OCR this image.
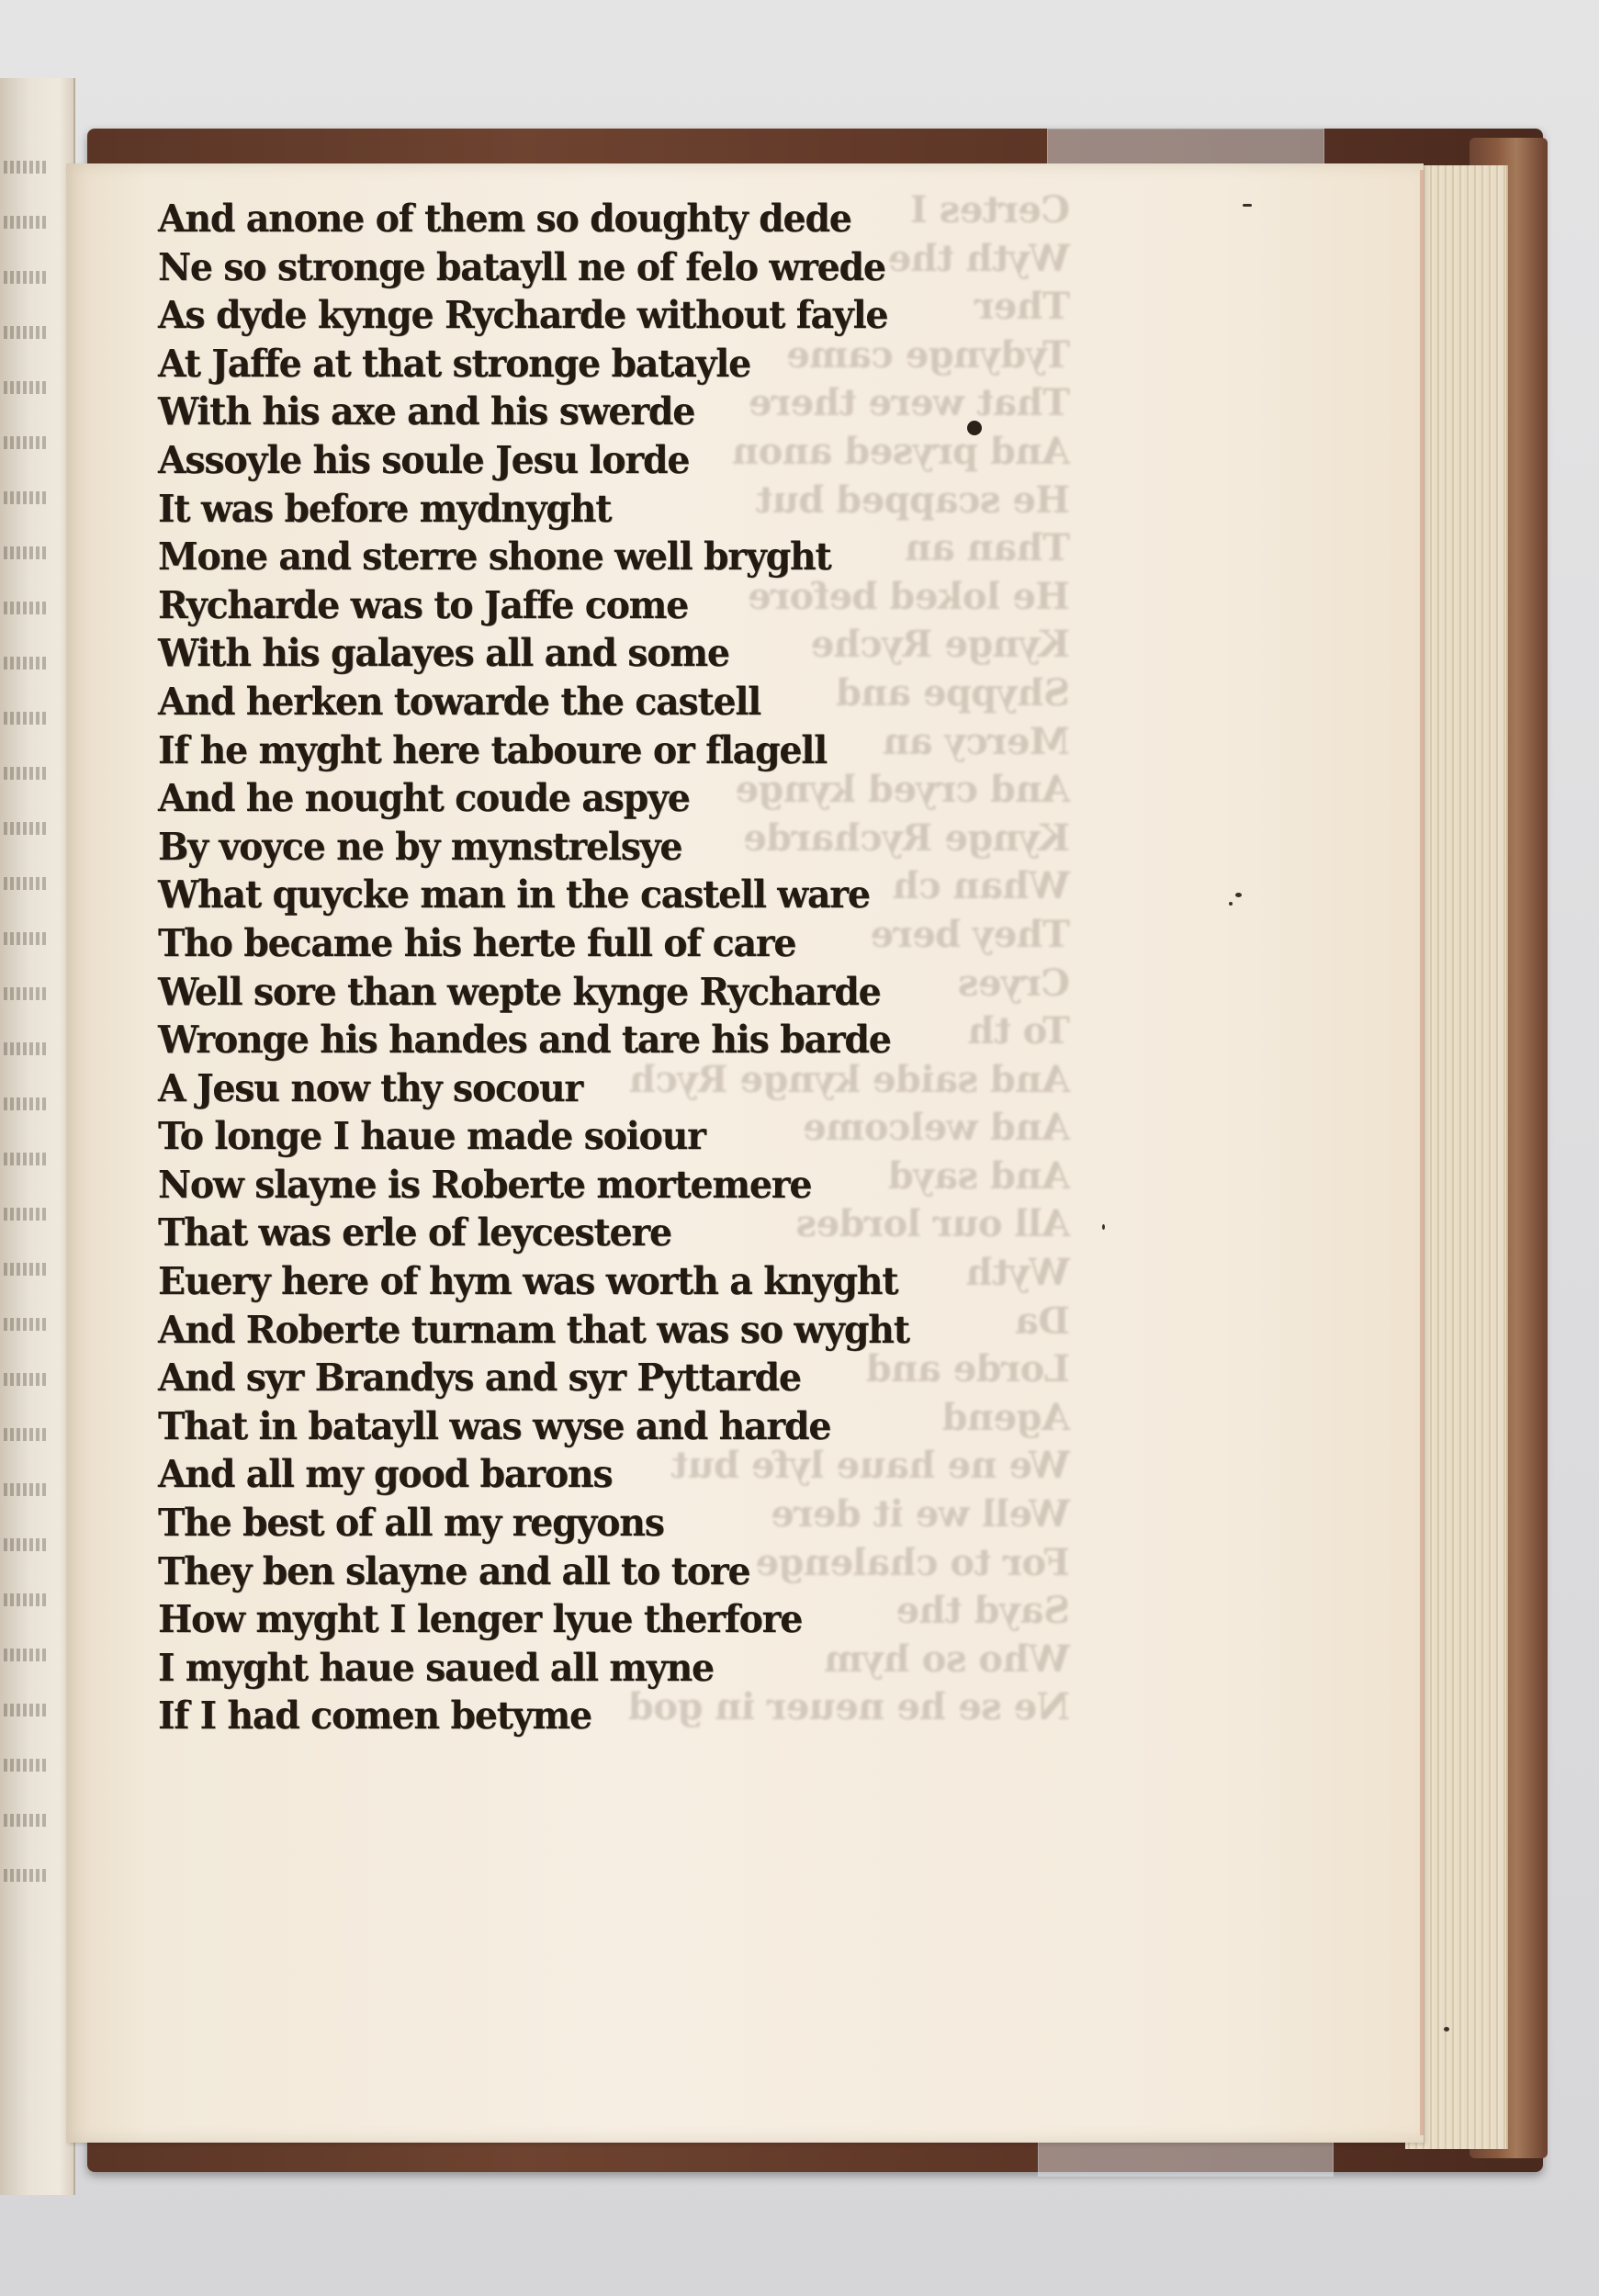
And anone of them so doughty dede
Ne so stronge batayll ne of felo wrede
As dyde kynge Rycharde without fayle
At Jaffe at that stronge batayle
With his axe and his swerde
Assoyle his soule Jesu lorde
It was before mydnyght
Mone and sterre shone well bryght
Rycharde was to Jaffe come
With his galayes all and some
And herken towarde the castell
If he myght here taboure or flagell
And he nought coude aspye
By voyce ne by mynstrelsye
What quycke man in the castell ware
Tho became his herte full of care
Well sore than wepte kynge Rycharde
Wronge his handes and tare his barde
A Jesu now thy socour
To longe I haue made soiour
Now slayne is Roberte mortemere
That was erle of leycestere
Euery here of hym was worth a knyght
And Roberte turnam that was so wyght
And syr Brandys and syr Pyttarde
That in batayll was wyse and harde
And all my good barons
The best of all my regyons
They ben slayne and all to tore
How myght I lenger lyue therfore
I myght haue saued all myne
If I had comen betyme
